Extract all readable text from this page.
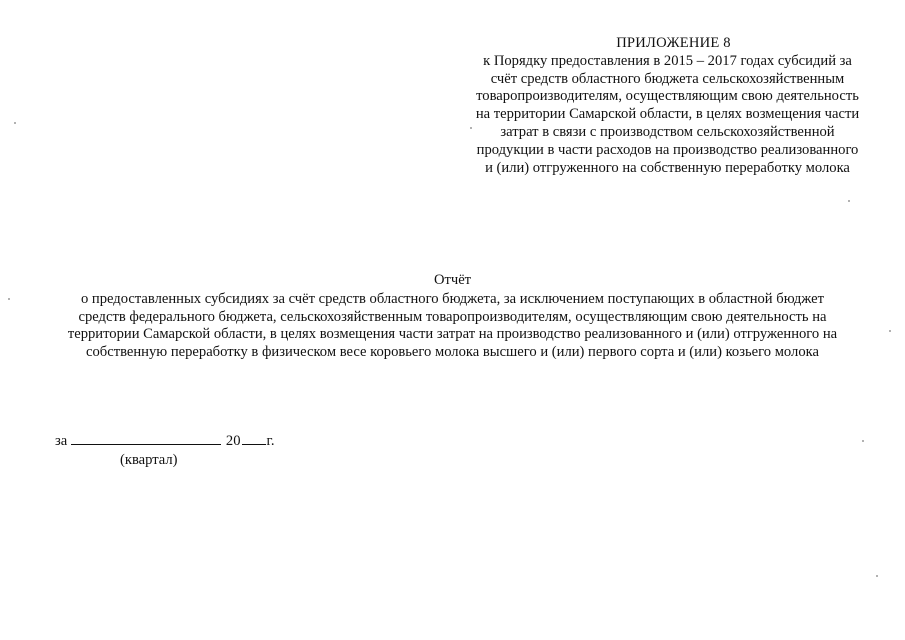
ПРИЛОЖЕНИЕ 8
к Порядку предоставления в 2015 – 2017 годах субсидий за
счёт средств областного бюджета сельскохозяйственным
товаропроизводителям, осуществляющим свою деятельность
на территории Самарской области, в целях возмещения части
затрат в связи с производством сельскохозяйственной
продукции в части расходов на производство реализованного
и (или) отгруженного на собственную переработку молока
Отчёт
о предоставленных субсидиях за счёт средств областного бюджета, за исключением поступающих в областной бюджет
средств федерального бюджета, сельскохозяйственным товаропроизводителям, осуществляющим свою деятельность на
территории Самарской области, в целях возмещения части затрат на производство реализованного и (или) отгруженного на
собственную переработку в физическом весе коровьего молока высшего и (или) первого сорта и (или) козьего молока
за	20 г.
(квартал)
